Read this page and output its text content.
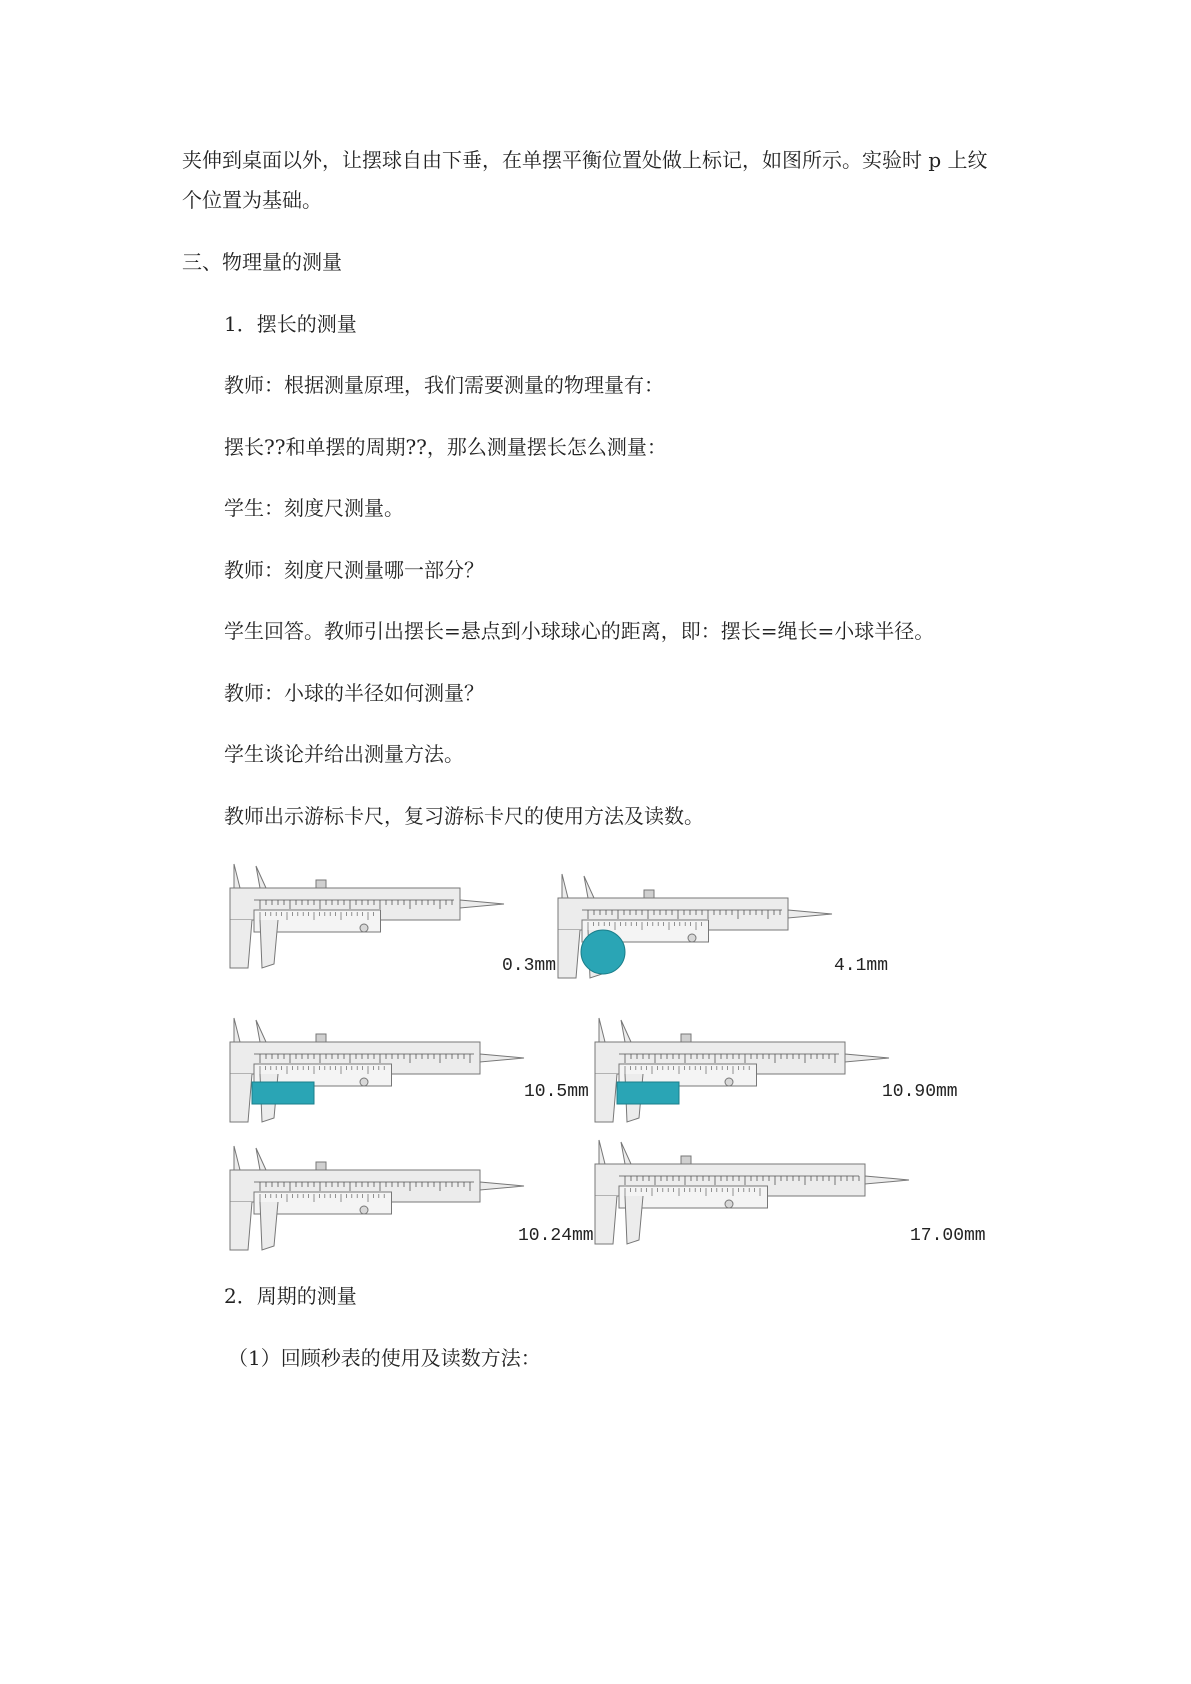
夹伸到桌面以外，让摆球自由下垂，在单摆平衡位置处做上标记，如图所示。实验时 p 上纹
个位置为基础。
三、物理量的测量
1．摆长的测量
教师：根据测量原理，我们需要测量的物理量有：
摆长??和单摆的周期??，那么测量摆长怎么测量：
学生：刻度尺测量。
教师：刻度尺测量哪一部分？
学生回答。教师引出摆长=悬点到小球球心的距离，即：摆长=绳长=小球半径。
教师：小球的半径如何测量？
学生谈论并给出测量方法。
教师出示游标卡尺，复习游标卡尺的使用方法及读数。
2．周期的测量
（1）回顾秒表的使用及读数方法：
0.3mm	4.1mm
10.5mm	10.90mm
10.24mm	17.00mm
